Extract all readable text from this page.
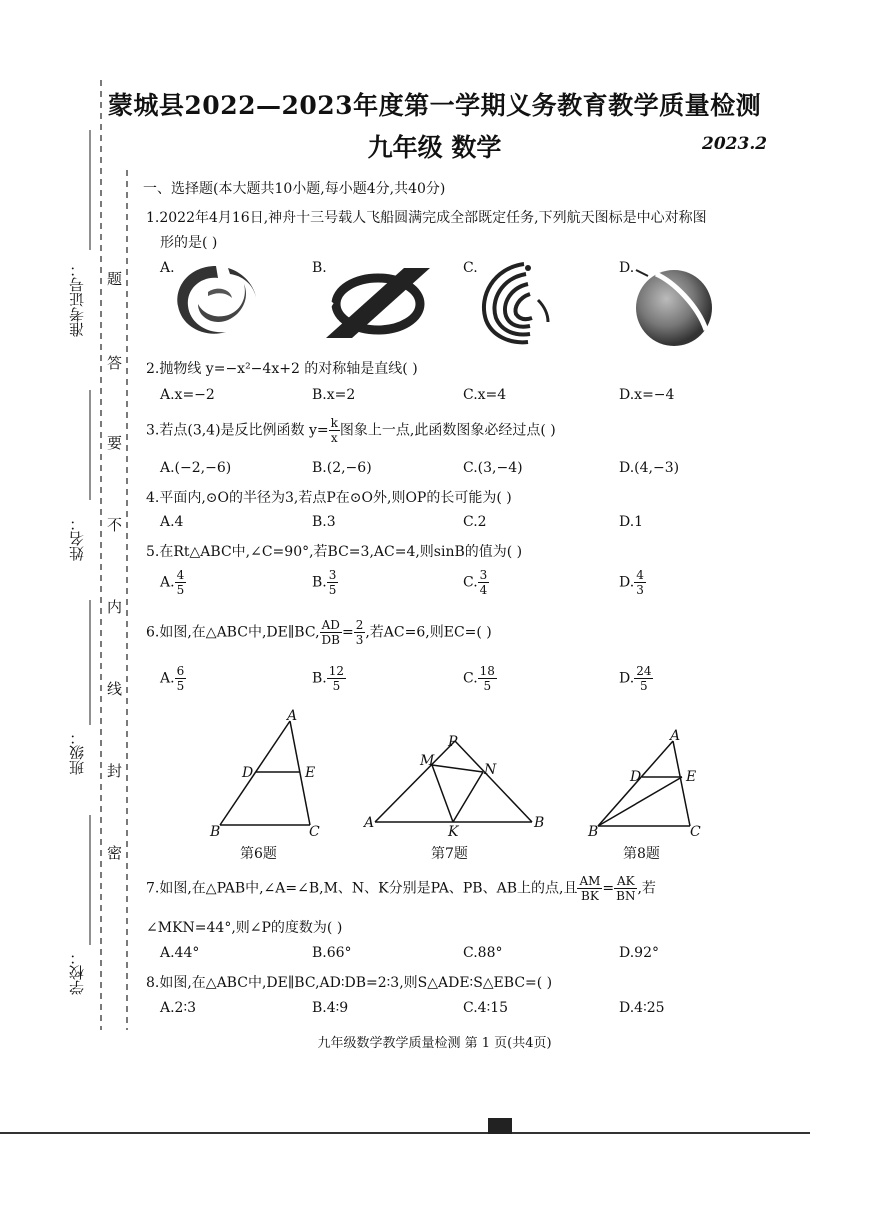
准考证号：
姓名：
班级：
学校：
题
答
要
不
内
线
封
密
蒙城县2022—2023年度第一学期义务教育教学质量检测
九年级 数学	2023.2
一、选择题(本大题共10小题,每小题4分,共40分)
1.2022年4月16日,神舟十三号载人飞船圆满完成全部既定任务,下列航天图标是中心对称图
形的是( )
A.	B.	C.	D.
2.抛物线 y=−x²−4x+2 的对称轴是直线( )
A.x=−2	B.x=2	C.x=4	D.x=−4
3.若点(3,4)是反比例函数 $y= \frac{k}{x}$ 图象上一点,此函数图象必经过点( )
A.(−2,−6)	B.(2,−6)	C.(3,−4)	D.(4,−3)
4.平面内,⊙O的半径为3,若点P在⊙O外,则OP的长可能为( )
A.4	B.3	C.2	D.1
5.在Rt△ABC中,∠C=90°,若BC=3,AC=4,则sinB的值为( )
A. $\frac{4}{5}$	B. $\frac{3}{5}$	C. $\frac{3}{4}$	D. $\frac{4}{3}$
6.如图,在△ABC中,DE∥BC, $\frac{AD}{DB} = \frac{2}{3}$ ,若AC=6,则EC=( )
A. $\frac{6}{5}$	B. $\frac{12}{5}$	C. $\frac{18}{5}$	D. $\frac{24}{5}$
A
D	E
B	C
第6题
P
M
N
A
K
B
第7题
A
D	E
B	C
第8题
7.如图,在△PAB中,∠A=∠B,M、N、K分别是PA、PB、AB上的点,且 $\frac{AM}{BK} = \frac{AK}{BN}$ ,若
∠MKN=44°,则∠P的度数为( )
A.44°	B.66°	C.88°	D.92°
8.如图,在△ABC中,DE∥BC,AD∶DB=2∶3,则S△ADE∶S△EBC=( )
A.2∶3	B.4∶9	C.4∶15	D.4∶25
九年级数学教学质量检测 第 1 页(共4页)
